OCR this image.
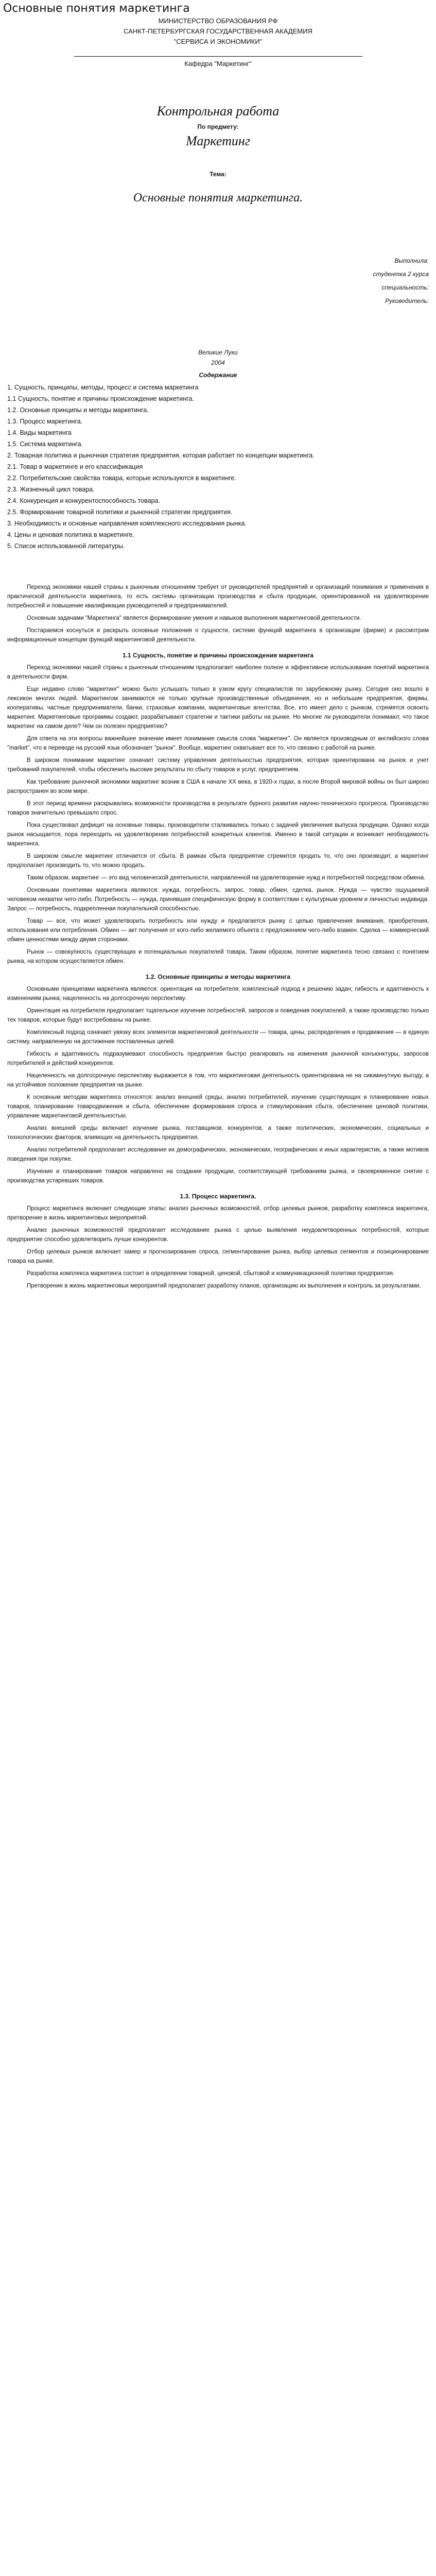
Основные понятия маркетинга
МИНИСТЕРСТВО ОБРАЗОВАНИЯ РФ
САНКТ-ПЕТЕРБУРГСКАЯ ГОСУДАРСТВЕННАЯ АКАДЕМИЯ
"СЕРВИСА И ЭКОНОМИКИ"
Кафедра "Маркетинг"
Контрольная работа
По предмету:
Маркетинг
Тема:
Основные понятия маркетинга.
Выполнила:
студентка 2 курса
специальность:
Руководитель:
Великие Луки
2004
Содержание
1. Сущность, принципы, методы, процесс и система маркетинга
1.1 Сущность, понятие и причины происхождение маркетинга.
1.2. Основные принципы и методы маркетинга.
1.3. Процесс маркетинга.
1.4. Виды маркетинга
1.5. Система маркетинга.
2. Товарная политика и рыночная стратегия предприятия, которая работает по концепции маркетинга.
2.1. Товар в маркетинге и его классификация
2.2. Потребительские свойства товара, которые используются в маркетинге.
2.3. Жизненный цикл товара.
2.4. Конкуренция и конкурентоспособность товара.
2.5. Формирование товарной политики и рыночной стратегии предприятия.
3. Необходимость и основные направления комплексного исследования рынка.
4. Цены и ценовая политика в маркетинге.
5. Список использованной литературы.

Переход экономики нашей страны к рыночным отношениям требует от руководителей предприятий и организаций понимания и применения в практической деятельности маркетинга, то есть системы организации производства и сбыта продукции, ориентированной на удовлетворение потребностей и повышение квалификации руководителей и предпринимателей.

Основным задачами "Маркетинга" является формирование умения и навыков выполнения маркетинговой деятельности.

Постараемся коснуться и раскрыть основные положения о сущности, системе функций маркетинга в организации (фирме) и рассмотрим информационные концепции функций маркетинговой деятельности.

1.1 Сущность, понятие и причины происхождения маркетинга

Переход экономики нашей страны к рыночным отношениям предполагает наиболее полное и эффективное использование понятий маркетинга в деятельности фирм.

Еще недавно слово "маркетинг" можно было услышать только в узком кругу специалистов по зарубежному рынку. Сегодня оно вошло в лексикон многих людей. Маркетингом занимаются не только крупные производственные объединения, но и небольшие предприятия, фирмы, кооперативы, частные предприниматели, банки, страховые компании, маркетинговые агентства. Все, кто имеет дело с рынком, стремятся освоить маркетинг. Маркетинговые программы создают, разрабатывают стратегии и тактики работы на рынке. Но многие ли руководители понимают, что такое маркетинг на самом деле? Чем он полезен предприятию?

Для ответа на эти вопросы важнейшее значение имеет понимание смысла слова "маркетинг". Он является производным от английского слова "market", что в переводе на русский язык обозначает "рынок". Вообще, маркетинг охватывает все то, что связано с работой на рынке.

В широком понимании маркетинг означает систему управления деятельностью предприятия, которая ориентирована на рынок и учет требований покупателей, чтобы обеспечить высокие результаты по сбыту товаров и услуг, предприятием.

Как требование рыночной экономики маркетинг возник в США в начале ХХ века, в 1920-х годах, а после Второй мировой войны он был широко распространен во всем мире.

В этот период времени раскрывались возможности производства в результате бурного развития научно-технического прогресса. Производство товаров значительно превышало спрос.

Пока существовал дефицит на основные товары, производители сталкивались только с задачей увеличения выпуска продукции. Однако когда рынок насыщается, пора переходить на удовлетворение потребностей конкретных клиентов. Именно в такой ситуации и возникает необходимость маркетинга.

В широком смысле маркетинг отличается от сбыта. В рамках сбыта предприятие стремится продать то, что оно производит, а маркетинг предполагает производить то, что можно продать.

Таким образом, маркетинг — это вид человеческой деятельности, направленной на удовлетворение нужд и потребностей посредством обмена.

Основными понятиями маркетинга являются: нужда, потребность, запрос, товар, обмен, сделка, рынок. Нужда — чувство ощущаемой человеком нехватки чего-либо. Потребность — нужда, принявшая специфическую форму в соответствии с культурным уровнем и личностью индивида. Запрос — потребность, подкрепленная покупательной способностью.

Товар — все, что может удовлетворить потребность или нужду и предлагается рынку с целью привлечения внимания, приобретения, использования или потребления. Обмен — акт получения от кого-либо желаемого объекта с предложением чего-либо взамен. Сделка — коммерческий обмен ценностями между двумя сторонами.

Рынок — совокупность существующих и потенциальных покупателей товара. Таким образом, понятие маркетинга тесно связано с понятием рынка, на котором осуществляется обмен.

1.2. Основные принципы и методы маркетинга

Основными принципами маркетинга являются: ориентация на потребителя; комплексный подход к решению задач; гибкость и адаптивность к изменениям рынка; нацеленность на долгосрочную перспективу.

Ориентация на потребителя предполагает тщательное изучение потребностей, запросов и поведения покупателей, а также производство только тех товаров, которые будут востребованы на рынке.

Комплексный подход означает увязку всех элементов маркетинговой деятельности — товара, цены, распределения и продвижения — в единую систему, направленную на достижение поставленных целей.

Гибкость и адаптивность подразумевают способность предприятия быстро реагировать на изменения рыночной конъюнктуры, запросов потребителей и действий конкурентов.

Нацеленность на долгосрочную перспективу выражается в том, что маркетинговая деятельность ориентирована не на сиюминутную выгоду, а на устойчивое положение предприятия на рынке.

К основным методам маркетинга относятся: анализ внешней среды, анализ потребителей, изучение существующих и планирование новых товаров, планирование товародвижения и сбыта, обеспечение формирования спроса и стимулирования сбыта, обеспечение ценовой политики, управление маркетинговой деятельностью.

Анализ внешней среды включает изучение рынка, поставщиков, конкурентов, а также политических, экономических, социальных и технологических факторов, влияющих на деятельность предприятия.

Анализ потребителей предполагает исследование их демографических, экономических, географических и иных характеристик, а также мотивов поведения при покупке.

Изучение и планирование товаров направлено на создание продукции, соответствующей требованиям рынка, и своевременное снятие с производства устаревших товаров.

1.3. Процесс маркетинга.

Процесс маркетинга включает следующие этапы: анализ рыночных возможностей, отбор целевых рынков, разработку комплекса маркетинга, претворение в жизнь маркетинговых мероприятий.

Анализ рыночных возможностей предполагает исследование рынка с целью выявления неудовлетворенных потребностей, которые предприятие способно удовлетворить лучше конкурентов.

Отбор целевых рынков включает замер и прогнозирование спроса, сегментирование рынка, выбор целевых сегментов и позиционирование товара на рынке.

Разработка комплекса маркетинга состоит в определении товарной, ценовой, сбытовой и коммуникационной политики предприятия.

Претворение в жизнь маркетинговых мероприятий предполагает разработку планов, организацию их выполнения и контроль за результатами.
